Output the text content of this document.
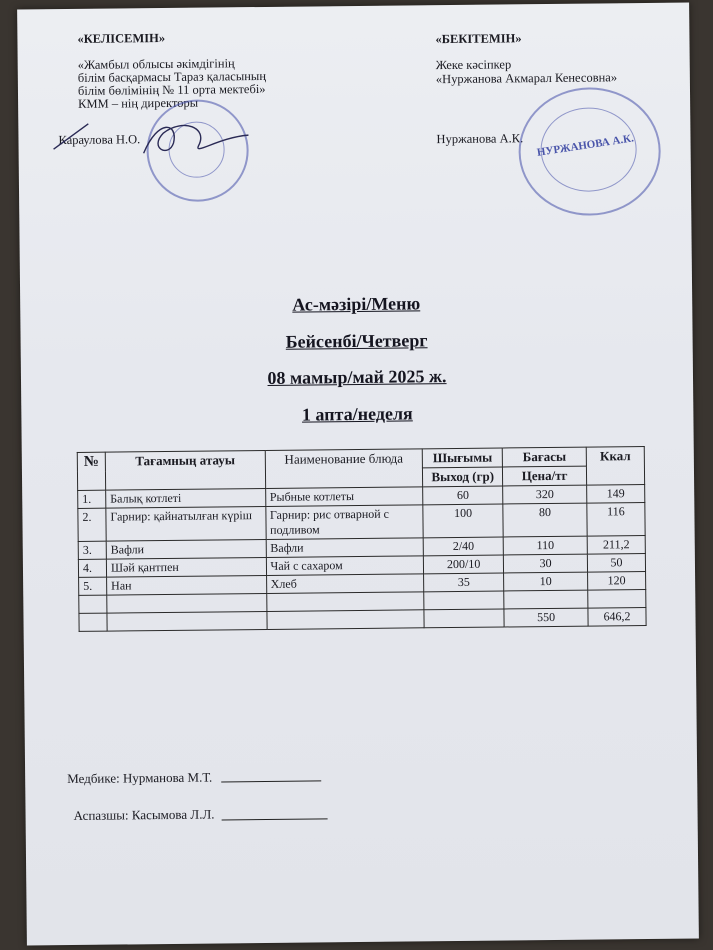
«КЕЛІСЕМІН»
«Жамбыл облысы әкімдігінің
білім басқармасы Тараз қаласының
білім бөлімінің № 11 орта мектебі»
КММ – нің директоры
Караулова Н.О.
«БЕКІТЕМІН»
Жеке кәсіпкер
«Нуржанова Акмарал Кенесовна»
Нуржанова А.К. НУРЖАНОВА А.К.
Ас-мәзірі/Меню
Бейсенбі/Четверг
08 мамыр/май 2025 ж.
1 апта/неделя
№	Тағамның атауы	Наименование блюда	Шығымы	Бағасы	Ккал
			Выход (гр)	Цена/тг	
1.	Балық котлеті	Рыбные котлеты	60	320	149
2.	Гарнир: қайнатылған күріш	Гарнир: рис отварной с подливом	100	80	116
3.	Вафли	Вафли	2/40	110	211,2
4.	Шәй қантпен	Чай с сахаром	200/10	30	50
5.	Нан	Хлеб	35	10	120

				550	646,2
Медбике: Нурманова М.Т.
Аспазшы: Касымова Л.Л.
